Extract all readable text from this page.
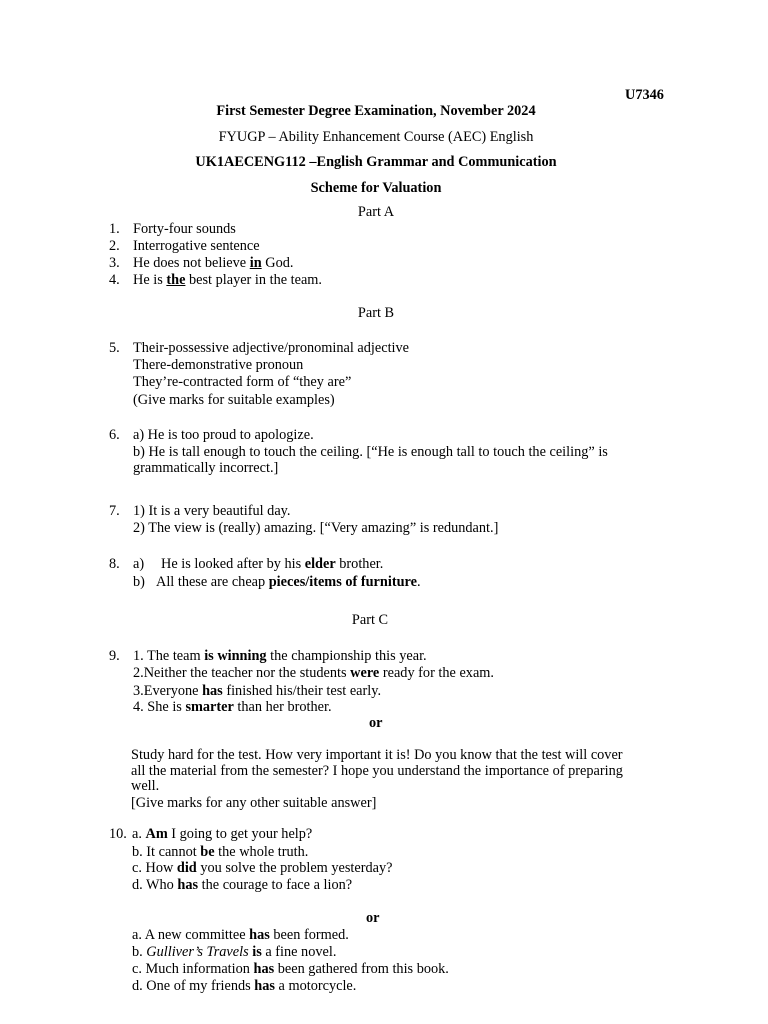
U7346
First Semester Degree Examination, November 2024
FYUGP – Ability Enhancement Course (AEC) English
UK1AECENG112 –English Grammar and Communication
Scheme for Valuation
Part A
1. Forty-four sounds
2. Interrogative sentence
3. He does not believe in God.
4. He is the best player in the team.
Part B
5. Their-possessive adjective/pronominal adjective
There-demonstrative pronoun
They’re-contracted form of “they are”
(Give marks for suitable examples)
6. a) He is too proud to apologize.
b) He is tall enough to touch the ceiling. [“He is enough tall to touch the ceiling” is
grammatically incorrect.]
7. 1) It is a very beautiful day.
2) The view is (really) amazing. [“Very amazing” is redundant.]
8. a) He is looked after by his elder brother.
b) All these are cheap pieces/items of furniture.
Part C
9. 1. The team is winning the championship this year.
2.Neither the teacher nor the students were ready for the exam.
3.Everyone has finished his/their test early.
4. She is smarter than her brother.
or
Study hard for the test. How very important it is! Do you know that the test will cover
all the material from the semester? I hope you understand the importance of preparing
well.
[Give marks for any other suitable answer]
10. a. Am I going to get your help?
b. It cannot be the whole truth.
c. How did you solve the problem yesterday?
d. Who has the courage to face a lion?
or
a. A new committee has been formed.
b. Gulliver’s Travels is a fine novel.
c. Much information has been gathered from this book.
d. One of my friends has a motorcycle.
